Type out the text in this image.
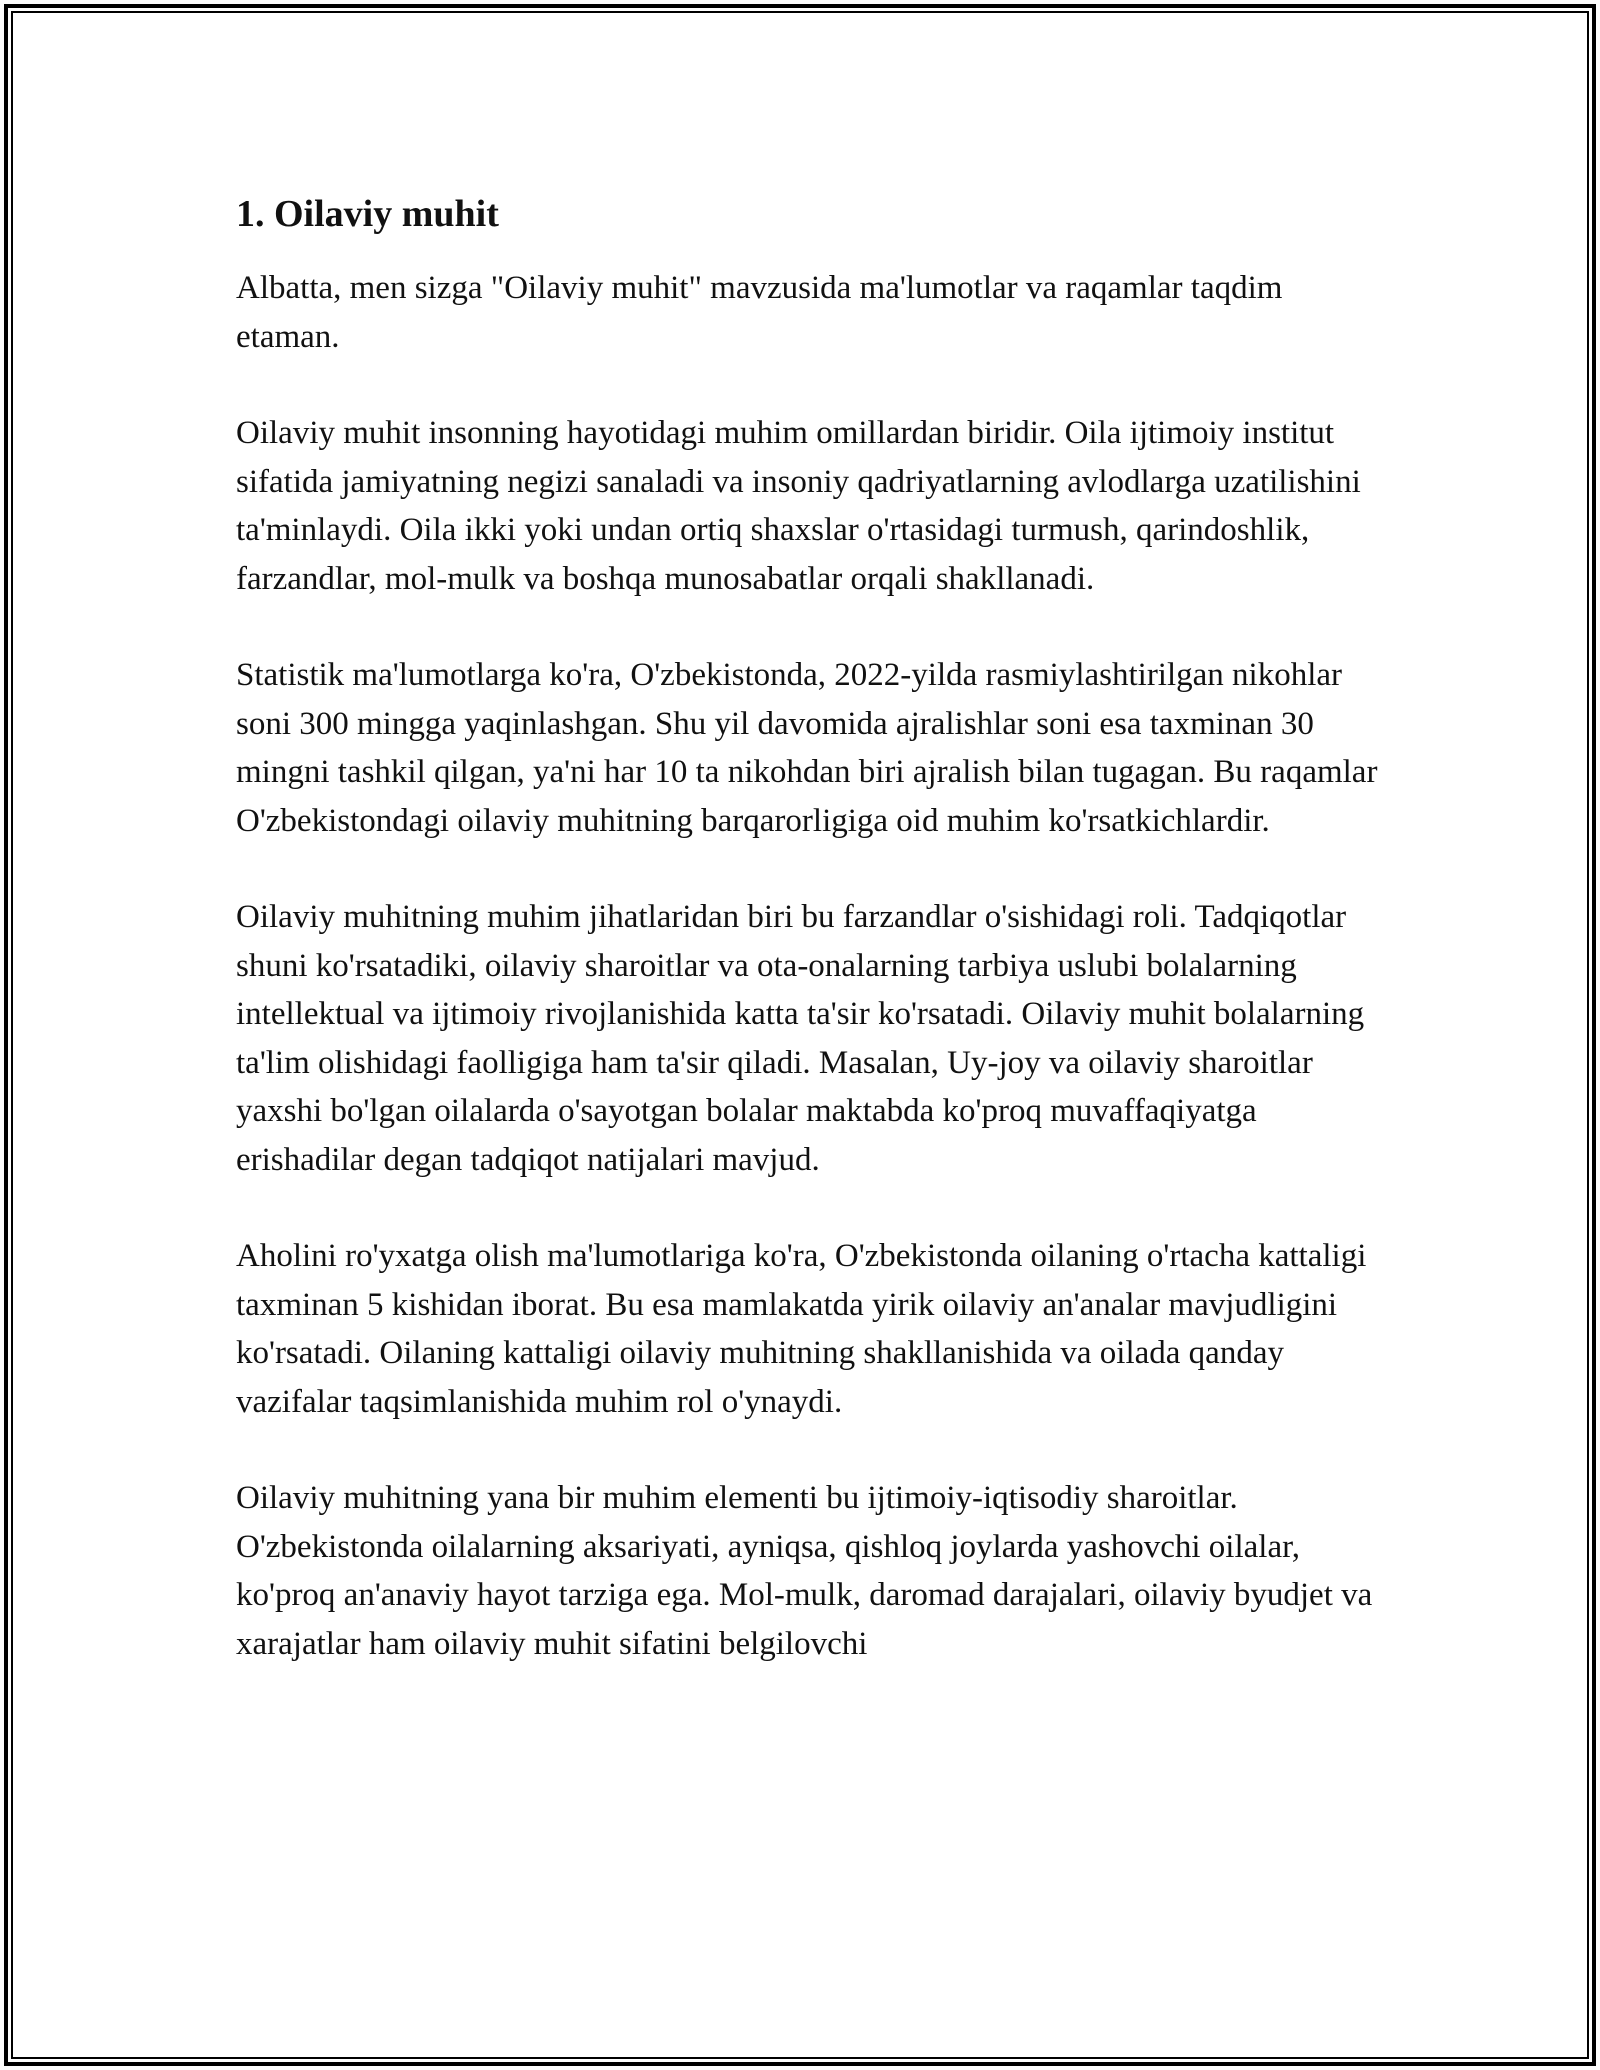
1. Oilaviy muhit

Albatta, men sizga "Oilaviy muhit" mavzusida ma'lumotlar va raqamlar taqdim etaman.

Oilaviy muhit insonning hayotidagi muhim omillardan biridir. Oila ijtimoiy institut sifatida jamiyatning negizi sanaladi va insoniy qadriyatlarning avlodlarga uzatilishini ta'minlaydi. Oila ikki yoki undan ortiq shaxslar o'rtasidagi turmush, qarindoshlik, farzandlar, mol-mulk va boshqa munosabatlar orqali shakllanadi.

Statistik ma'lumotlarga ko'ra, O'zbekistonda, 2022-yilda rasmiylashtirilgan nikohlar soni 300 mingga yaqinlashgan. Shu yil davomida ajralishlar soni esa taxminan 30 mingni tashkil qilgan, ya'ni har 10 ta nikohdan biri ajralish bilan tugagan. Bu raqamlar O'zbekistondagi oilaviy muhitning barqarorligiga oid muhim ko'rsatkichlardir.

Oilaviy muhitning muhim jihatlaridan biri bu farzandlar o'sishidagi roli. Tadqiqotlar shuni ko'rsatadiki, oilaviy sharoitlar va ota-onalarning tarbiya uslubi bolalarning intellektual va ijtimoiy rivojlanishida katta ta'sir ko'rsatadi. Oilaviy muhit bolalarning ta'lim olishidagi faolligiga ham ta'sir qiladi. Masalan, Uy-joy va oilaviy sharoitlar yaxshi bo'lgan oilalarda o'sayotgan bolalar maktabda ko'proq muvaffaqiyatga erishadilar degan tadqiqot natijalari mavjud.

Aholini ro'yxatga olish ma'lumotlariga ko'ra, O'zbekistonda oilaning o'rtacha kattaligi taxminan 5 kishidan iborat. Bu esa mamlakatda yirik oilaviy an'analar mavjudligini ko'rsatadi. Oilaning kattaligi oilaviy muhitning shakllanishida va oilada qanday vazifalar taqsimlanishida muhim rol o'ynaydi.

Oilaviy muhitning yana bir muhim elementi bu ijtimoiy-iqtisodiy sharoitlar. O'zbekistonda oilalarning aksariyati, ayniqsa, qishloq joylarda yashovchi oilalar, ko'proq an'anaviy hayot tarziga ega. Mol-mulk, daromad darajalari, oilaviy byudjet va xarajatlar ham oilaviy muhit sifatini belgilovchi
